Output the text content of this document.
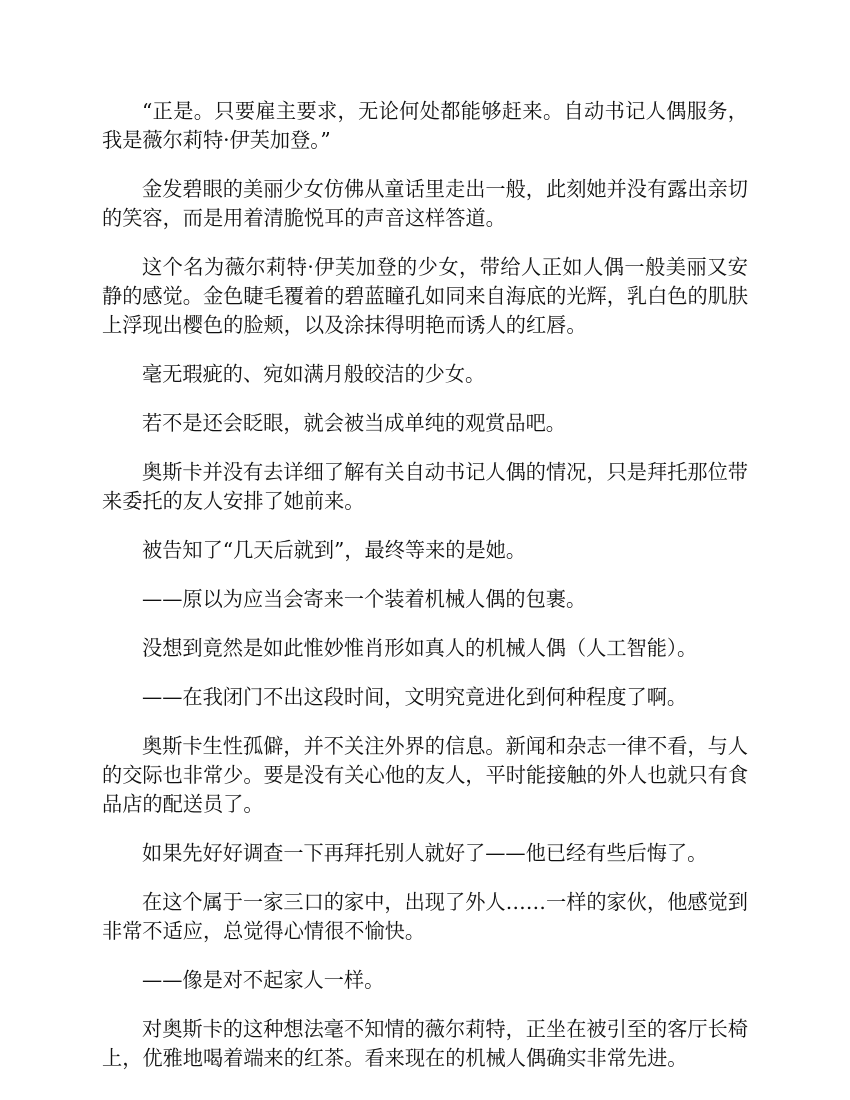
“正是。只要雇主要求，无论何处都能够赶来。自动书记人偶服务，我是薇尔莉特·伊芙加登。”

金发碧眼的美丽少女仿佛从童话里走出一般，此刻她并没有露出亲切的笑容，而是用着清脆悦耳的声音这样答道。

这个名为薇尔莉特·伊芙加登的少女，带给人正如人偶一般美丽又安静的感觉。金色睫毛覆着的碧蓝瞳孔如同来自海底的光辉，乳白色的肌肤上浮现出樱色的脸颊，以及涂抹得明艳而诱人的红唇。

毫无瑕疵的、宛如满月般皎洁的少女。

若不是还会眨眼，就会被当成单纯的观赏品吧。

奥斯卡并没有去详细了解有关自动书记人偶的情况，只是拜托那位带来委托的友人安排了她前来。

被告知了“几天后就到”，最终等来的是她。

——原以为应当会寄来一个装着机械人偶的包裹。

没想到竟然是如此惟妙惟肖形如真人的机械人偶（人工智能）。

——在我闭门不出这段时间，文明究竟进化到何种程度了啊。

奥斯卡生性孤僻，并不关注外界的信息。新闻和杂志一律不看，与人的交际也非常少。要是没有关心他的友人，平时能接触的外人也就只有食品店的配送员了。

如果先好好调查一下再拜托别人就好了——他已经有些后悔了。

在这个属于一家三口的家中，出现了外人……一样的家伙，他感觉到非常不适应，总觉得心情很不愉快。

——像是对不起家人一样。

对奥斯卡的这种想法毫不知情的薇尔莉特，正坐在被引至的客厅长椅上，优雅地喝着端来的红茶。看来现在的机械人偶确实非常先进。
